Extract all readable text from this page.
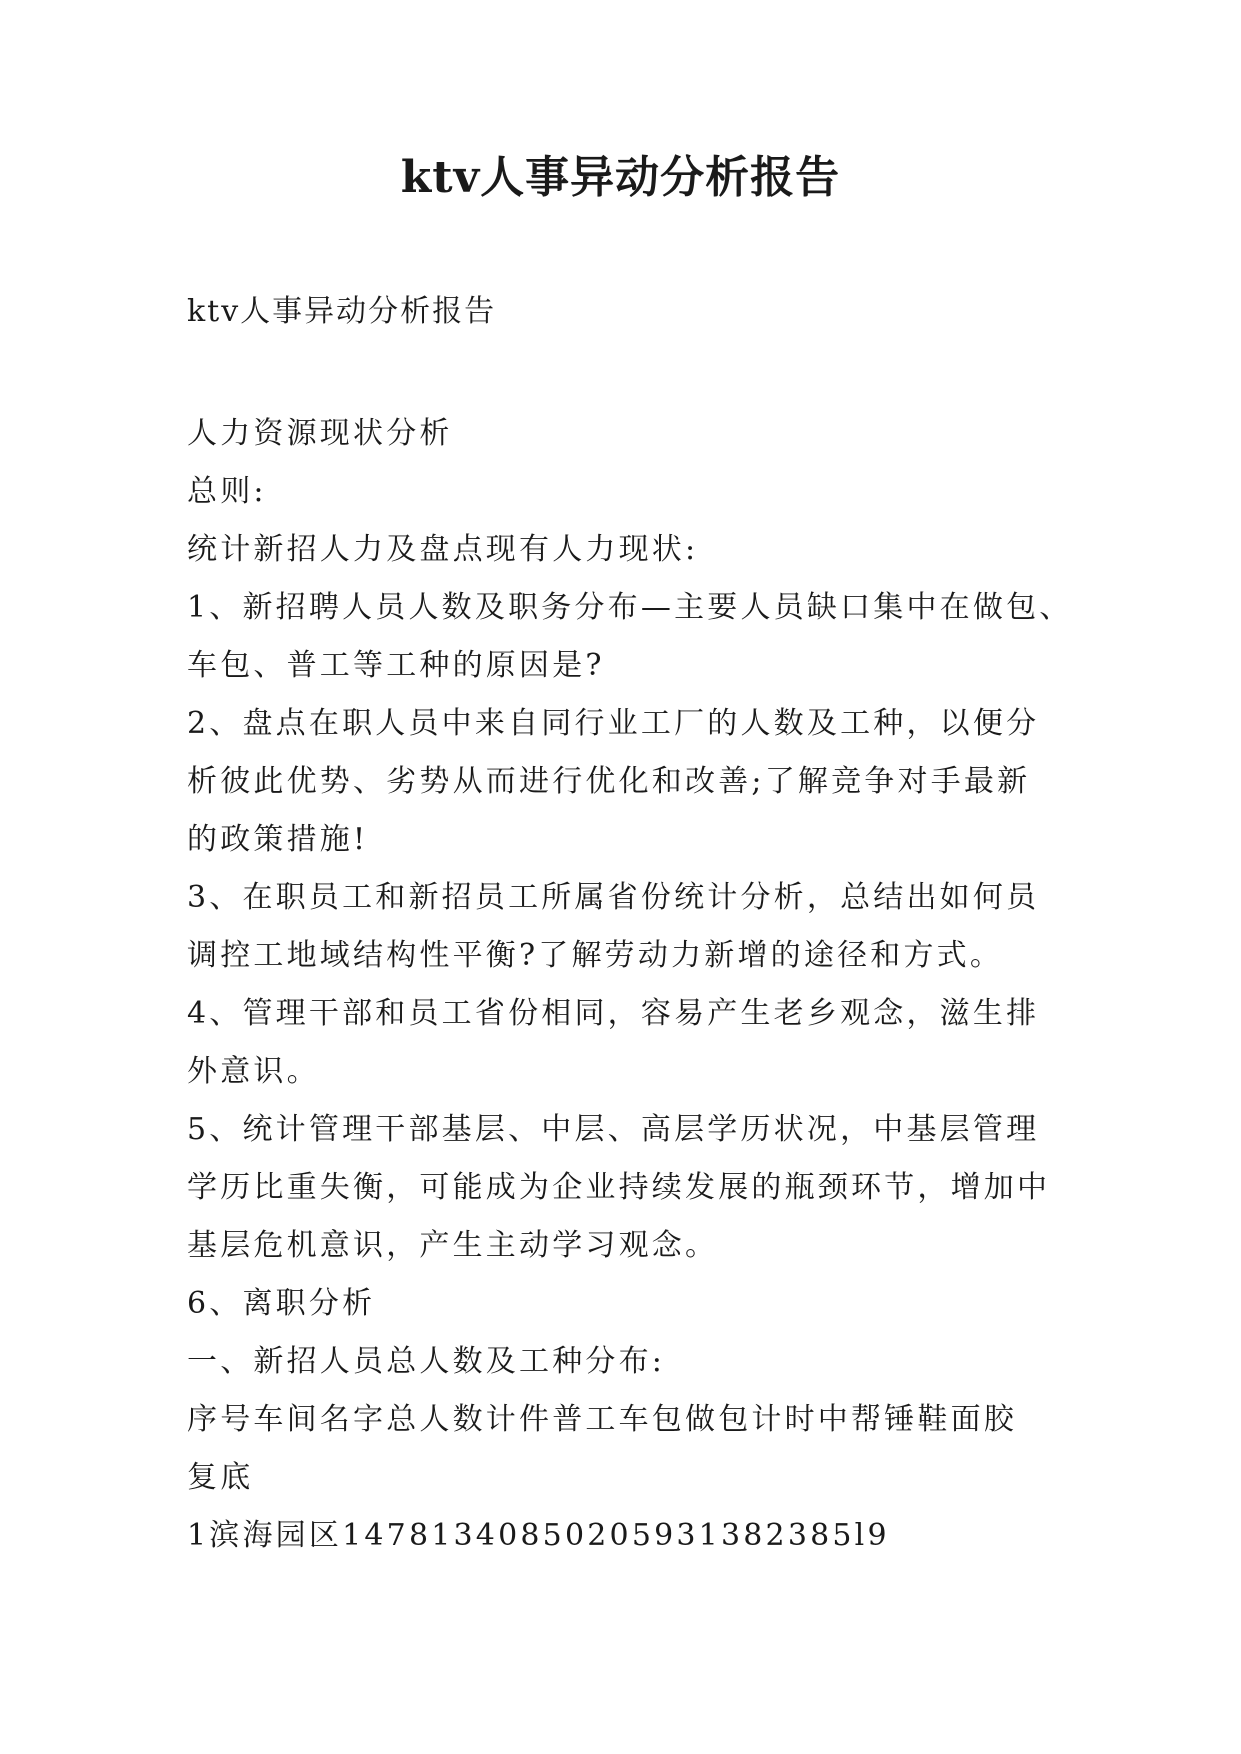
ktv人事异动分析报告

ktv人事异动分析报告

人力资源现状分析
总则:
统计新招人力及盘点现有人力现状:
1、新招聘人员人数及职务分布—主要人员缺口集中在做包、
车包、普工等工种的原因是?
2、盘点在职人员中来自同行业工厂的人数及工种，以便分
析彼此优势、劣势从而进行优化和改善;了解竞争对手最新
的政策措施!
3、在职员工和新招员工所属省份统计分析，总结出如何员
调控工地域结构性平衡?了解劳动力新增的途径和方式。
4、管理干部和员工省份相同，容易产生老乡观念，滋生排
外意识。
5、统计管理干部基层、中层、高层学历状况，中基层管理
学历比重失衡，可能成为企业持续发展的瓶颈环节，增加中
基层危机意识，产生主动学习观念。
6、离职分析
一、新招人员总人数及工种分布:
序号车间名字总人数计件普工车包做包计时中帮锤鞋面胶
复底
1滨海园区14781340850205931382385l9
